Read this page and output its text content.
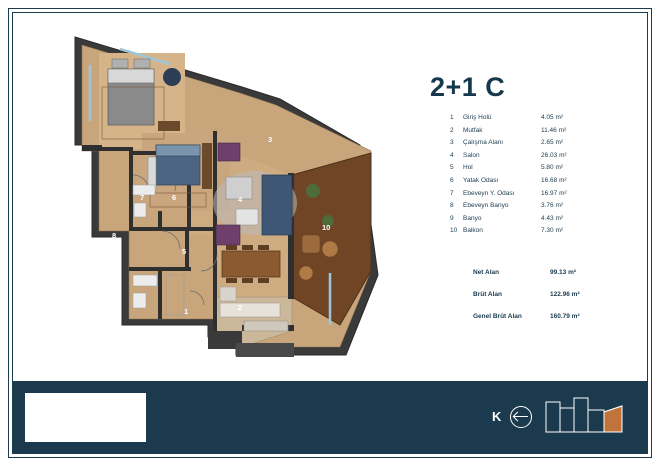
1	2
3
4
5
6
7
8
9
10
2+1 C
1	Giriş Holü	4.05 m²
2	Mutfak	11.46 m²
3	Çalışma Alanı	2.65 m²
4	Salon	26.03 m²
5	Hol	5.80 m²
6	Yatak Odası	16.68 m²
7	Ebeveyn Y. Odası	16.97 m²
8	Ebeveyn Banyo	3.76 m²
9	Banyo	4.43 m²
10 Balkon	7.30 m²
Net Alan	99.13 m²
Brüt Alan	122.96 m²
Genel Brüt Alan	160.79 m²
K
